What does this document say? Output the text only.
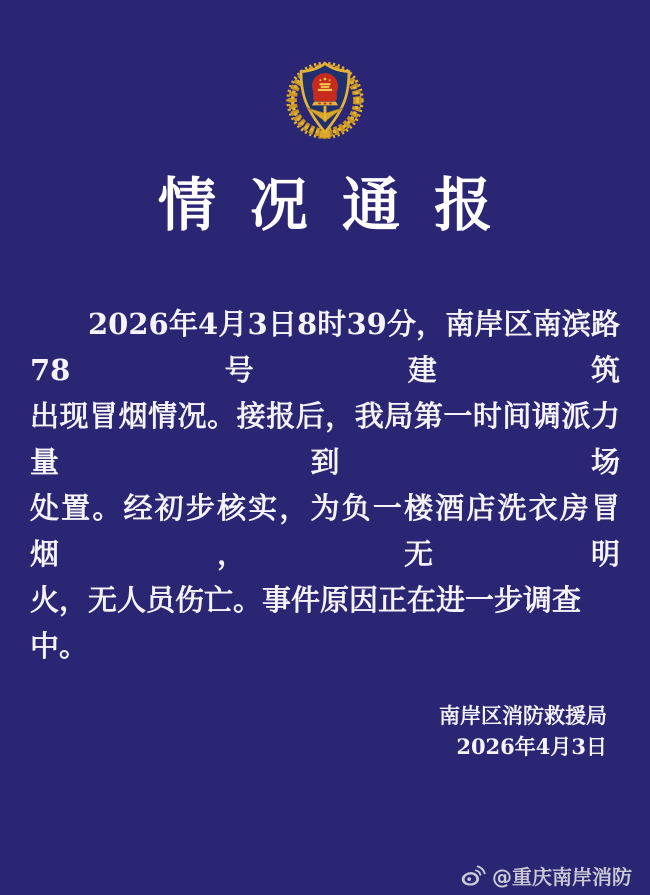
情 况 通 报

2026年4月3日8时39分，南岸区南滨路78号建筑

出现冒烟情况。接报后，我局第一时间调派力量到场

处置。经初步核实，为负一楼酒店洗衣房冒烟，无明

火，无人员伤亡。事件原因正在进一步调查中。

南岸区消防救援局

2026年4月3日

@重庆南岸消防
